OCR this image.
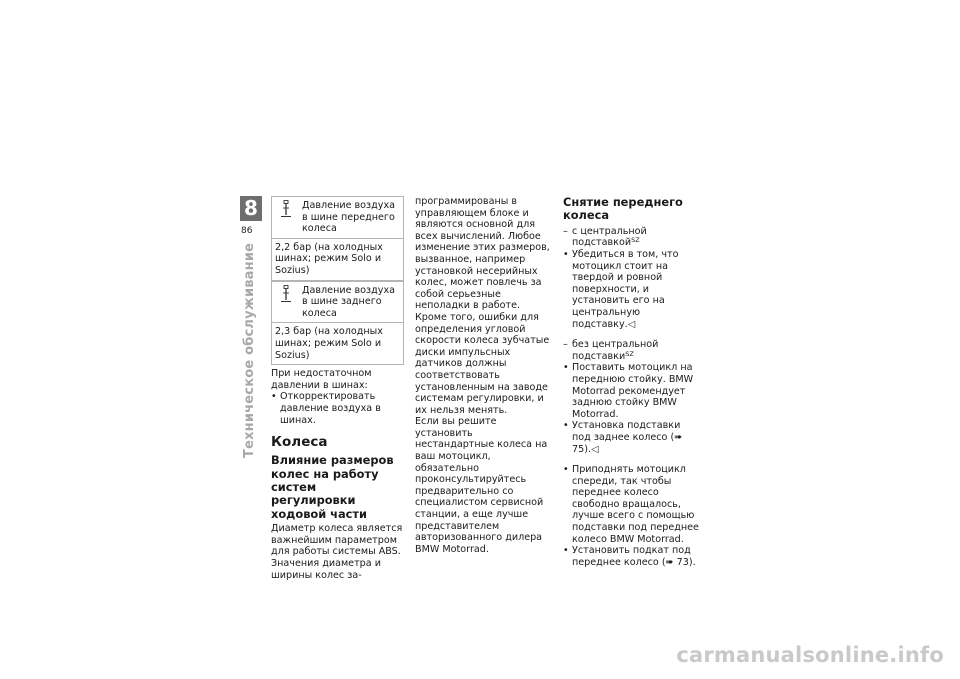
8
86
Техническое обслуживание
Давление воздуха в шине переднего колеса
2,2 бар (на холодных шинах; режим Solo и Sozius)
Давление воздуха в шине заднего колеса
2,3 бар (на холодных шинах; режим Solo и Sozius)

При недостаточном давлении в шинах:

• Откорректировать давление воздуха в шинах.
Колеса
Влияние размеров колес на работу систем регулировки ходовой части

Диаметр колеса является важнейшим параметром для работы системы ABS. Значения диаметра и ширины колес за-

программированы в управляющем блоке и являются основной для всех вычислений. Любое изменение этих размеров, вызванное, например установкой несерийных колес, может повлечь за собой серьезные неполадки в работе.

Кроме того, ошибки для определения угловой скорости колеса зубчатые диски импульсных датчиков должны соответствовать установленным на заводе системам регулировки, и их нельзя менять.

Если вы решите установить нестандартные колеса на ваш мотоцикл, обязательно проконсультируйтесь предварительно со специалистом сервисной станции, а еще лучше представителем авторизованного дилера BMW Motorrad.

Снятие переднего колеса
– с центральной подставкой$^{SZ}$
• Убедиться в том, что мотоцикл стоит на твердой и ровной поверхности, и установить его на центральную подставку.◁
– без центральной подставки$^{SZ}$
• Поставить мотоцикл на переднюю стойку. BMW Motorrad рекомендует заднюю стойку BMW Motorrad.
• Установка подставки под заднее колесо (➠ 75).◁
• Приподнять мотоцикл спереди, так чтобы переднее колесо свободно вращалось, лучше всего с помощью подставки под переднее колесо BMW Motorrad.
• Установить подкат под переднее колесо (➠ 73).
carmanualsonline.info
